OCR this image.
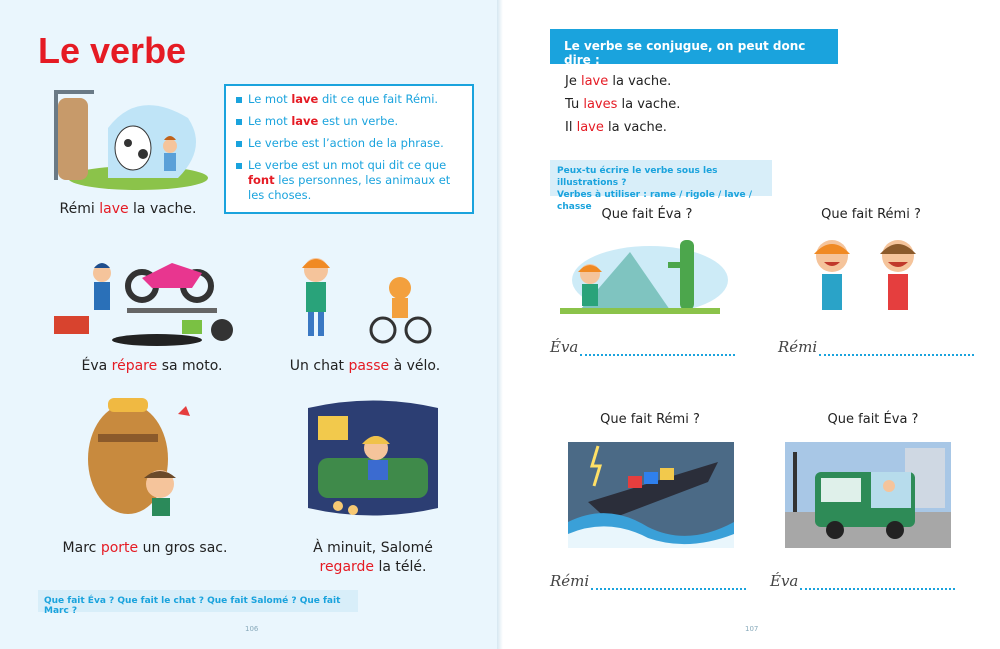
Le verbe
Rémi lave la vache.
Le mot lave dit ce que fait Rémi.
Le mot lave est un verbe.
Le verbe est l’action de la phrase.
Le verbe est un mot qui dit ce que font les personnes, les animaux et les choses.
Éva répare sa moto.	Un chat passe à vélo.
Marc porte un gros sac.	À minuit, Salomé
regarde la télé.
Que fait Éva ? Que fait le chat ? Que fait Salomé ? Que fait Marc ?
106
Le verbe se conjugue, on peut donc dire :
Je lave la vache.
Tu laves la vache.
Il lave la vache.
Peux-tu écrire le verbe sous les illustrations ?
Verbes à utiliser : rame / rigole / lave / chasse Que fait Éva ?
Éva
Que fait Rémi ?
Rémi
Que fait Rémi ?
Rémi
Que fait Éva ?
Éva
107
